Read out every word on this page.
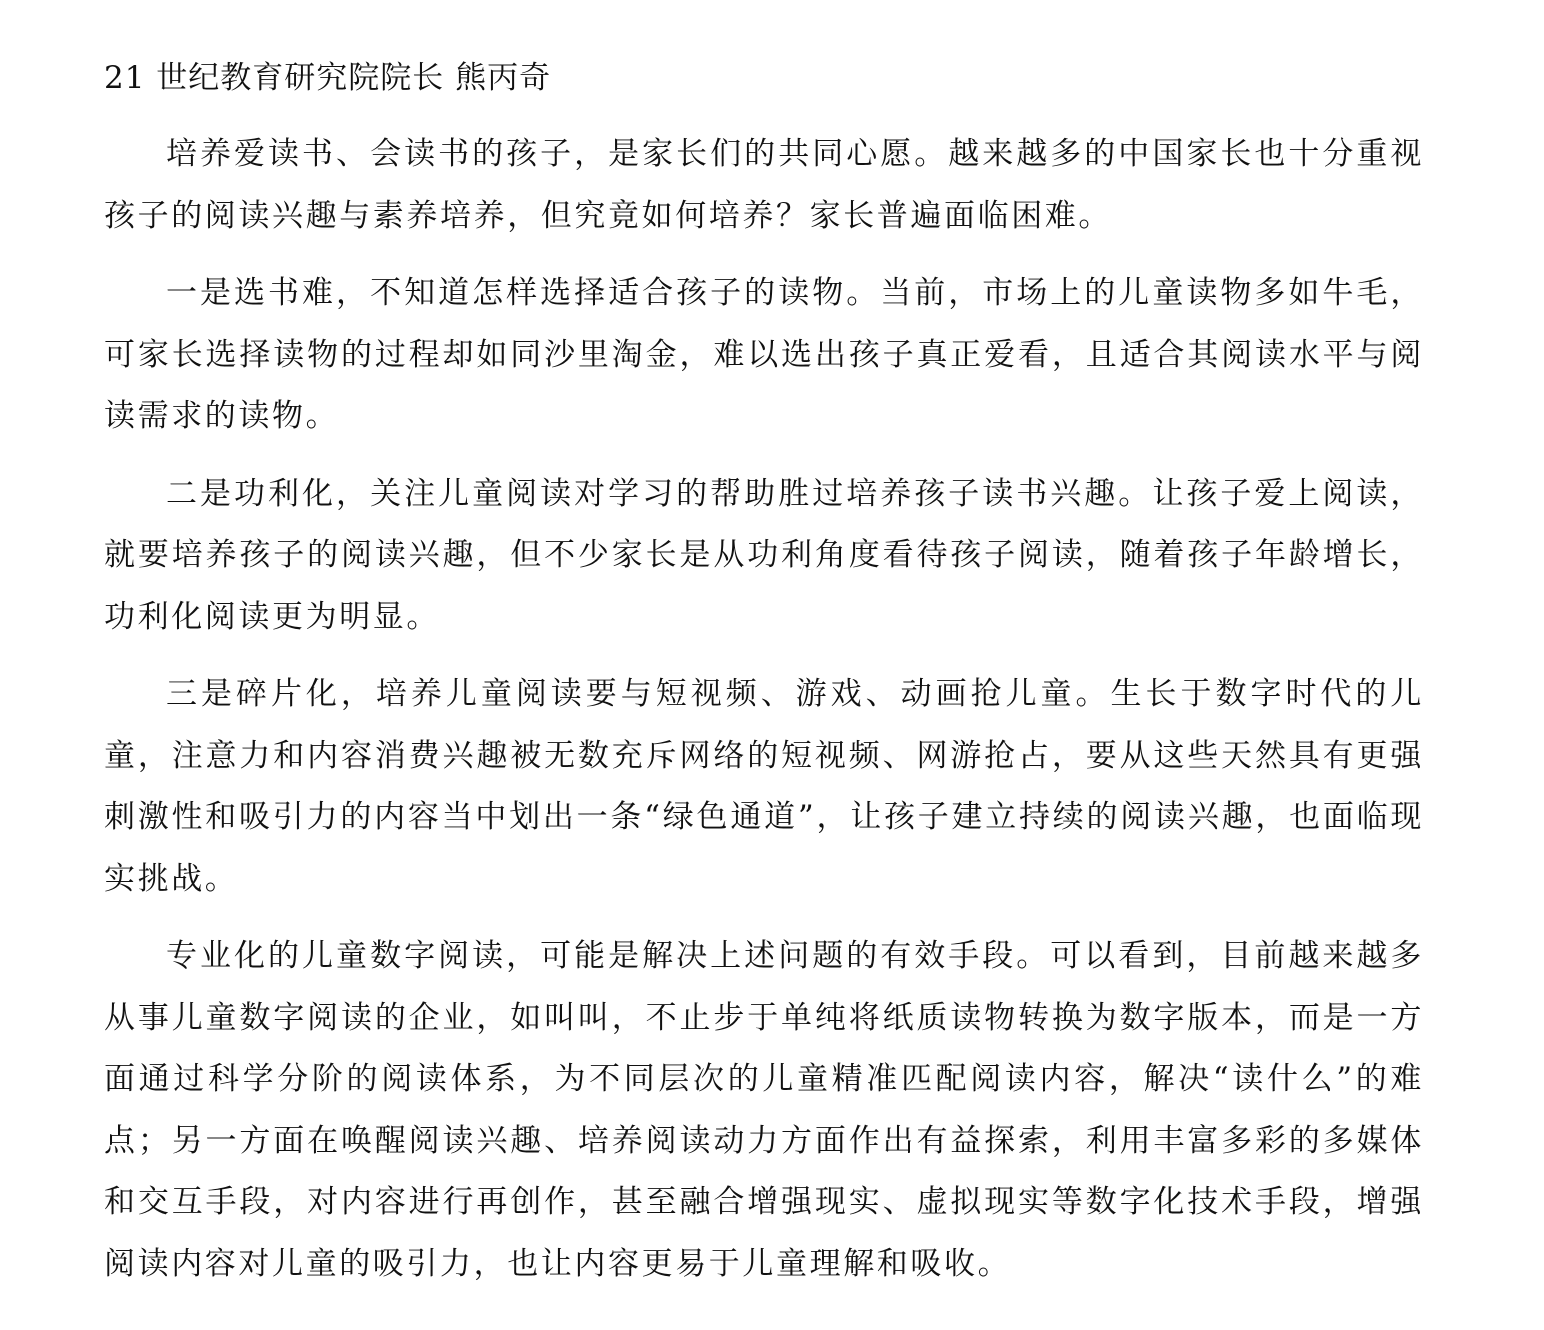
21 世纪教育研究院院长 熊丙奇

培养爱读书、会读书的孩子，是家长们的共同心愿。越来越多的中国家长也十分重视孩子的阅读兴趣与素养培养，但究竟如何培养？家长普遍面临困难。

一是选书难，不知道怎样选择适合孩子的读物。当前，市场上的儿童读物多如牛毛，可家长选择读物的过程却如同沙里淘金，难以选出孩子真正爱看，且适合其阅读水平与阅读需求的读物。

二是功利化，关注儿童阅读对学习的帮助胜过培养孩子读书兴趣。让孩子爱上阅读，就要培养孩子的阅读兴趣，但不少家长是从功利角度看待孩子阅读，随着孩子年龄增长，功利化阅读更为明显。

三是碎片化，培养儿童阅读要与短视频、游戏、动画抢儿童。生长于数字时代的儿童，注意力和内容消费兴趣被无数充斥网络的短视频、网游抢占，要从这些天然具有更强刺激性和吸引力的内容当中划出一条“绿色通道”，让孩子建立持续的阅读兴趣，也面临现实挑战。

专业化的儿童数字阅读，可能是解决上述问题的有效手段。可以看到，目前越来越多从事儿童数字阅读的企业，如叫叫，不止步于单纯将纸质读物转换为数字版本，而是一方面通过科学分阶的阅读体系，为不同层次的儿童精准匹配阅读内容，解决“读什么”的难点；另一方面在唤醒阅读兴趣、培养阅读动力方面作出有益探索，利用丰富多彩的多媒体和交互手段，对内容进行再创作，甚至融合增强现实、虚拟现实等数字化技术手段，增强阅读内容对儿童的吸引力，也让内容更易于儿童理解和吸收。
